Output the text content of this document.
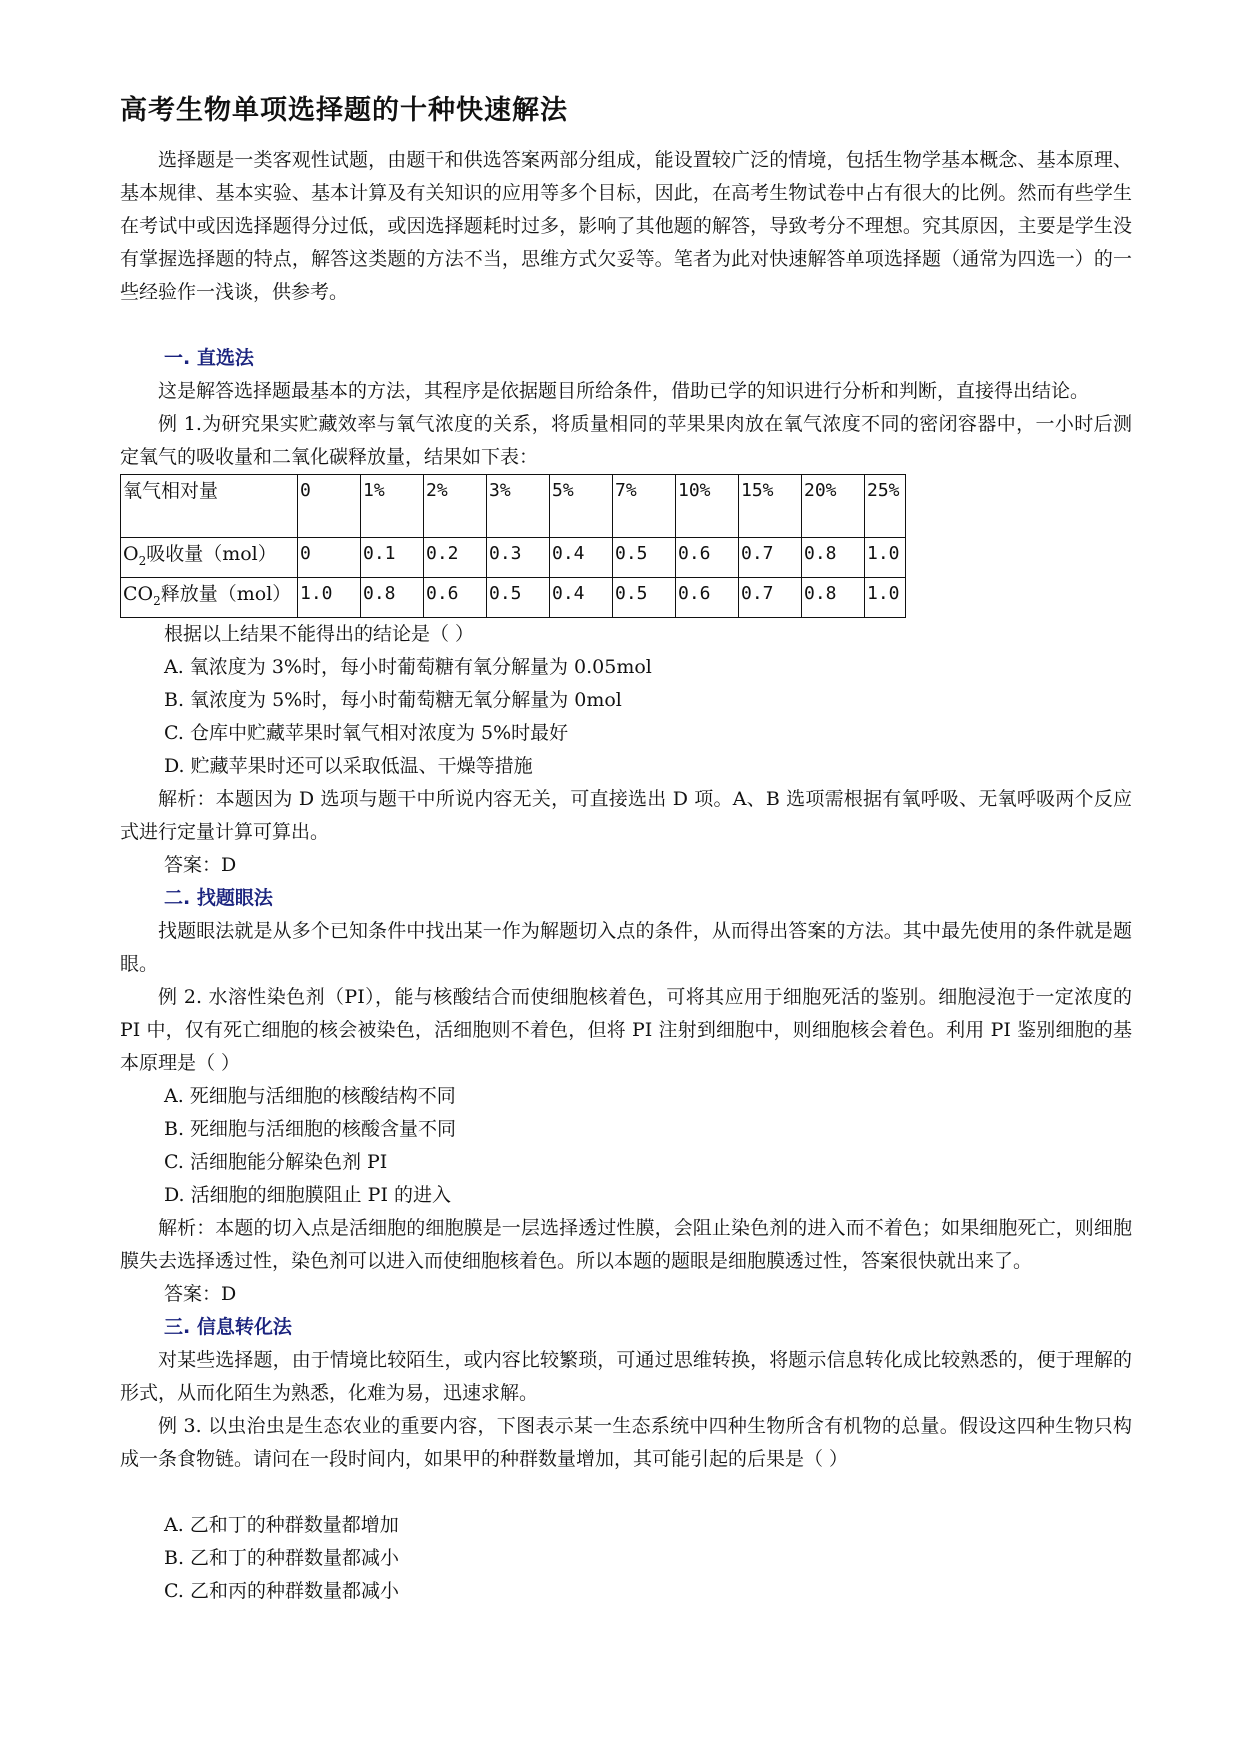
高考生物单项选择题的十种快速解法

选择题是一类客观性试题，由题干和供选答案两部分组成，能设置较广泛的情境，包括生物学基本概念、基本原理、基本规律、基本实验、基本计算及有关知识的应用等多个目标，因此，在高考生物试卷中占有很大的比例。然而有些学生在考试中或因选择题得分过低，或因选择题耗时过多，影响了其他题的解答，导致考分不理想。究其原因，主要是学生没有掌握选择题的特点，解答这类题的方法不当，思维方式欠妥等。笔者为此对快速解答单项选择题（通常为四选一）的一些经验作一浅谈，供参考。

一. 直选法

这是解答选择题最基本的方法，其程序是依据题目所给条件，借助已学的知识进行分析和判断，直接得出结论。

例 1.为研究果实贮藏效率与氧气浓度的关系，将质量相同的苹果果肉放在氧气浓度不同的密闭容器中，一小时后测定氧气的吸收量和二氧化碳释放量，结果如下表：

氧气相对量	0	1%	2%	3%	5%	7%	10%	15%	20%	25%
$O_2$吸收量（mol）	0	0.1	0.2	0.3	0.4	0.5	0.6	0.7	0.8	1.0
$CO_2$释放量（mol）	1.0	0.8	0.6	0.5	0.4	0.5	0.6	0.7	0.8	1.0
根据以上结果不能得出的结论是（ ）
A. 氧浓度为 3%时，每小时葡萄糖有氧分解量为 0.05mol
B. 氧浓度为 5%时，每小时葡萄糖无氧分解量为 0mol
C. 仓库中贮藏苹果时氧气相对浓度为 5%时最好
D. 贮藏苹果时还可以采取低温、干燥等措施

解析：本题因为 D 选项与题干中所说内容无关，可直接选出 D 项。A、B 选项需根据有氧呼吸、无氧呼吸两个反应式进行定量计算可算出。

答案：D
二. 找题眼法

找题眼法就是从多个已知条件中找出某一作为解题切入点的条件，从而得出答案的方法。其中最先使用的条件就是题眼。

例 2. 水溶性染色剂（PI），能与核酸结合而使细胞核着色，可将其应用于细胞死活的鉴别。细胞浸泡于一定浓度的 PI 中，仅有死亡细胞的核会被染色，活细胞则不着色，但将 PI 注射到细胞中，则细胞核会着色。利用 PI 鉴别细胞的基本原理是（ ）

A. 死细胞与活细胞的核酸结构不同
B. 死细胞与活细胞的核酸含量不同
C. 活细胞能分解染色剂 PI
D. 活细胞的细胞膜阻止 PI 的进入

解析：本题的切入点是活细胞的细胞膜是一层选择透过性膜，会阻止染色剂的进入而不着色；如果细胞死亡，则细胞膜失去选择透过性，染色剂可以进入而使细胞核着色。所以本题的题眼是细胞膜透过性，答案很快就出来了。

答案：D
三. 信息转化法

对某些选择题，由于情境比较陌生，或内容比较繁琐，可通过思维转换，将题示信息转化成比较熟悉的，便于理解的形式，从而化陌生为熟悉，化难为易，迅速求解。

例 3. 以虫治虫是生态农业的重要内容，下图表示某一生态系统中四种生物所含有机物的总量。假设这四种生物只构成一条食物链。请问在一段时间内，如果甲的种群数量增加，其可能引起的后果是（ ）

A. 乙和丁的种群数量都增加
B. 乙和丁的种群数量都减小
C. 乙和丙的种群数量都减小
